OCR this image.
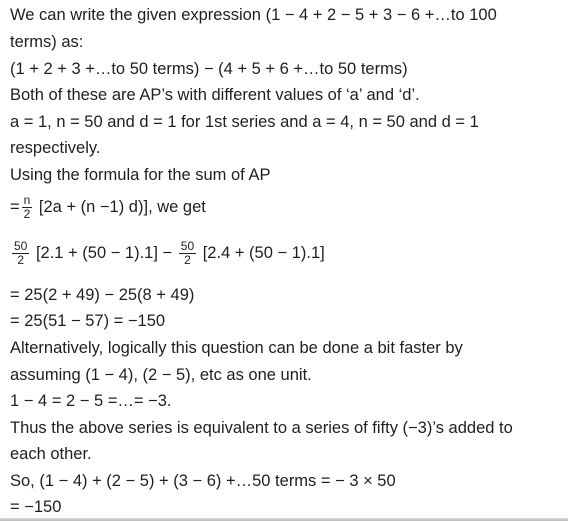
We can write the given expression (1 − 4 + 2 − 5 + 3 − 6 +…to 100
terms) as:
(1 + 2 + 3 +…to 50 terms) − (4 + 5 + 6 +…to 50 terms)
Both of these are AP’s with different values of ‘a’ and ‘d’.
a = 1, n = 50 and d = 1 for 1st series and a = 4, n = 50 and d = 1
respectively.
Using the formula for the sum of AP
= $\frac{n}{2} [2a + (n -1)$ d)], we get
$\frac{50}{2} [2.1 + (50 - 1).1] - \frac{50}{2} [2.4 + (50 - 1).1]$
= 25(2 + 49) − 25(8 + 49)
= 25(51 − 57) = −150
Alternatively, logically this question can be done a bit faster by
assuming (1 − 4), (2 − 5), etc as one unit.
1 − 4 = 2 − 5 =…= −3.
Thus the above series is equivalent to a series of fifty (−3)’s added to
each other.
So, (1 − 4) + (2 − 5) + (3 − 6) +…50 terms = − 3 × 50
= −150
